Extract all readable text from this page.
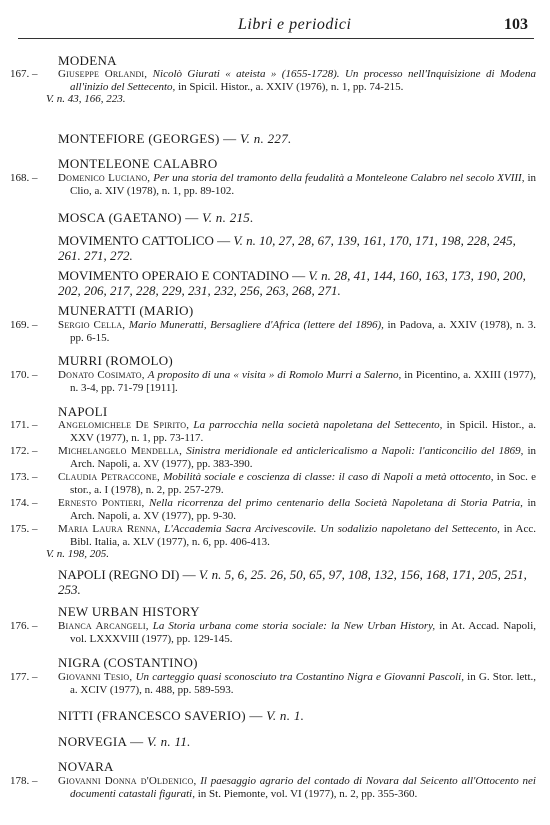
Libri e periodici	103
MODENA
167. –	Giuseppe Orlandi, Nicolò Giurati « ateista » (1655-1728). Un processo nell'Inquisizione di Modena all'inizio del Settecento, in Spicil. Histor., a. XXIV (1976), n. 1, pp. 74-215.
V. n. 43, 166, 223.
MONTEFIORE (GEORGES) — V. n. 227.
MONTELEONE CALABRO
168. –	Domenico Luciano, Per una storia del tramonto della feudalità a Monteleone Calabro nel secolo XVIII, in Clio, a. XIV (1978), n. 1, pp. 89-102.
MOSCA (GAETANO) — V. n. 215.
MOVIMENTO CATTOLICO — V. n. 10, 27, 28, 67, 139, 161, 170, 171, 198, 228, 245, 261. 271, 272.
MOVIMENTO OPERAIO E CONTADINO — V. n. 28, 41, 144, 160, 163, 173, 190, 200, 202, 206, 217, 228, 229, 231, 232, 256, 263, 268, 271.
MUNERATTI (MARIO)
169. –	Sergio Cella, Mario Muneratti, Bersagliere d'Africa (lettere del 1896), in Padova, a. XXIV (1978), n. 3. pp. 6-15.
MURRI (ROMOLO)
170. –	Donato Cosimato, A proposito di una « visita » di Romolo Murri a Salerno, in Picentino, a. XXIII (1977), n. 3-4, pp. 71-79 [1911].
NAPOLI
171. –	Angelomichele De Spirito, La parrocchia nella società napoletana del Settecento, in Spicil. Histor., a. XXV (1977), n. 1, pp. 73-117.
172. –	Michelangelo Mendella, Sinistra meridionale ed anticlericalismo a Napoli: l'anticoncilio del 1869, in Arch. Napoli, a. XV (1977), pp. 383-390.
173. –	Claudia Petraccone, Mobilità sociale e coscienza di classe: il caso di Napoli a metà ottocento, in Soc. e stor., a. I (1978), n. 2, pp. 257-279.
174. –	Ernesto Pontieri, Nella ricorrenza del primo centenario della Società Napoletana di Storia Patria, in Arch. Napoli, a. XV (1977), pp. 9-30.
175. –	Maria Laura Renna, L'Accademia Sacra Arcivescovile. Un sodalizio napoletano del Settecento, in Acc. Bibl. Italia, a. XLV (1977), n. 6, pp. 406-413.
V. n. 198, 205.
NAPOLI (REGNO DI) — V. n. 5, 6, 25. 26, 50, 65, 97, 108, 132, 156, 168, 171, 205, 251, 253.
NEW URBAN HISTORY
176. –	Bianca Arcangeli, La Storia urbana come storia sociale: la New Urban History, in At. Accad. Napoli, vol. LXXXVIII (1977), pp. 129-145.
NIGRA (COSTANTINO)
177. –	Giovanni Tesio, Un carteggio quasi sconosciuto tra Costantino Nigra e Giovanni Pascoli, in G. Stor. lett., a. XCIV (1977), n. 488, pp. 589-593.
NITTI (FRANCESCO SAVERIO) — V. n. 1.
NORVEGIA — V. n. 11.
NOVARA
178. –	Giovanni Donna d'Oldenico, Il paesaggio agrario del contado di Novara dal Seicento all'Ottocento nei documenti catastali figurati, in St. Piemonte, vol. VI (1977), n. 2, pp. 355-360.
